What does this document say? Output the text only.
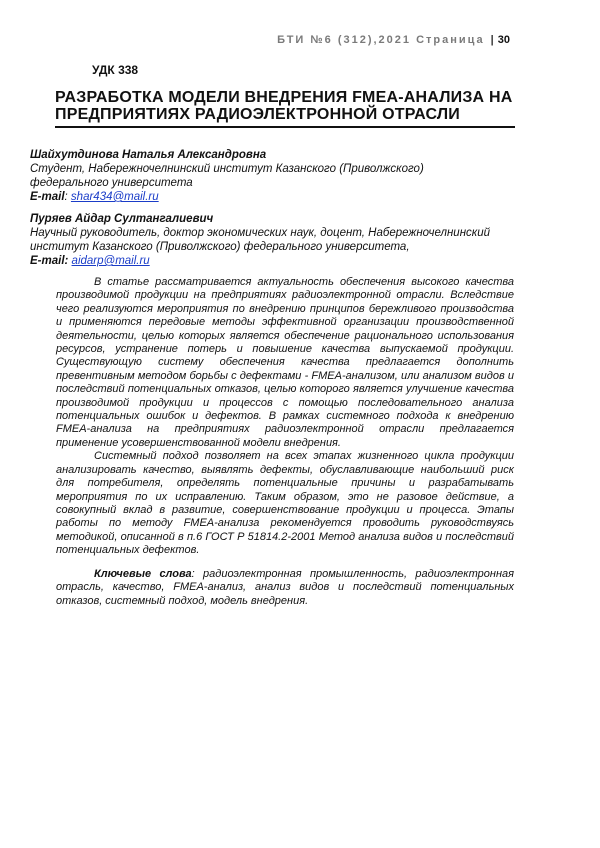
БТИ №6 (312),2021 Страница | 30
УДК 338
РАЗРАБОТКА МОДЕЛИ ВНЕДРЕНИЯ FMEA-АНАЛИЗА НА ПРЕДПРИЯТИЯХ РАДИОЭЛЕКТРОННОЙ ОТРАСЛИ
Шайхутдинова Наталья Александровна
Студент, Набережночелнинский институт Казанского (Приволжского)
федерального университета
E-mail: shar434@mail.ru
Пуряев Айдар Султангалиевич
Научный руководитель, доктор экономических наук, доцент, Набережночелнинский
институт Казанского (Приволжского) федерального университета,
E-mail: aidarp@mail.ru

В статье рассматривается актуальность обеспечения высокого качества производимой продукции на предприятиях радиоэлектронной отрасли. Вследствие чего реализуются мероприятия по внедрению принципов бережливого производства и применяются передовые методы эффективной организации производственной деятельности, целью которых является обеспечение рационального использования ресурсов, устранение потерь и повышение качества выпускаемой продукции. Существующую систему обеспечения качества предлагается дополнить превентивным методом борьбы с дефектами - FMEA-анализом, или анализом видов и последствий потенциальных отказов, целью которого является улучшение качества производимой продукции и процессов с помощью последовательного анализа потенциальных ошибок и дефектов. В рамках системного подхода к внедрению FMEA-анализа на предприятиях радиоэлектронной отрасли предлагается применение усовершенствованной модели внедрения.

Системный подход позволяет на всех этапах жизненного цикла продукции анализировать качество, выявлять дефекты, обуславливающие наибольший риск для потребителя, определять потенциальные причины и разрабатывать мероприятия по их исправлению. Таким образом, это не разовое действие, а совокупный вклад в развитие, совершенствование продукции и процесса. Этапы работы по методу FMEA-анализа рекомендуется проводить руководствуясь методикой, описанной в п.6 ГОСТ Р 51814.2-2001 Метод анализа видов и последствий потенциальных дефектов.

Ключевые слова: радиоэлектронная промышленность, радиоэлектронная отрасль, качество, FMEA-анализ, анализ видов и последствий потенциальных отказов, системный подход, модель внедрения.
